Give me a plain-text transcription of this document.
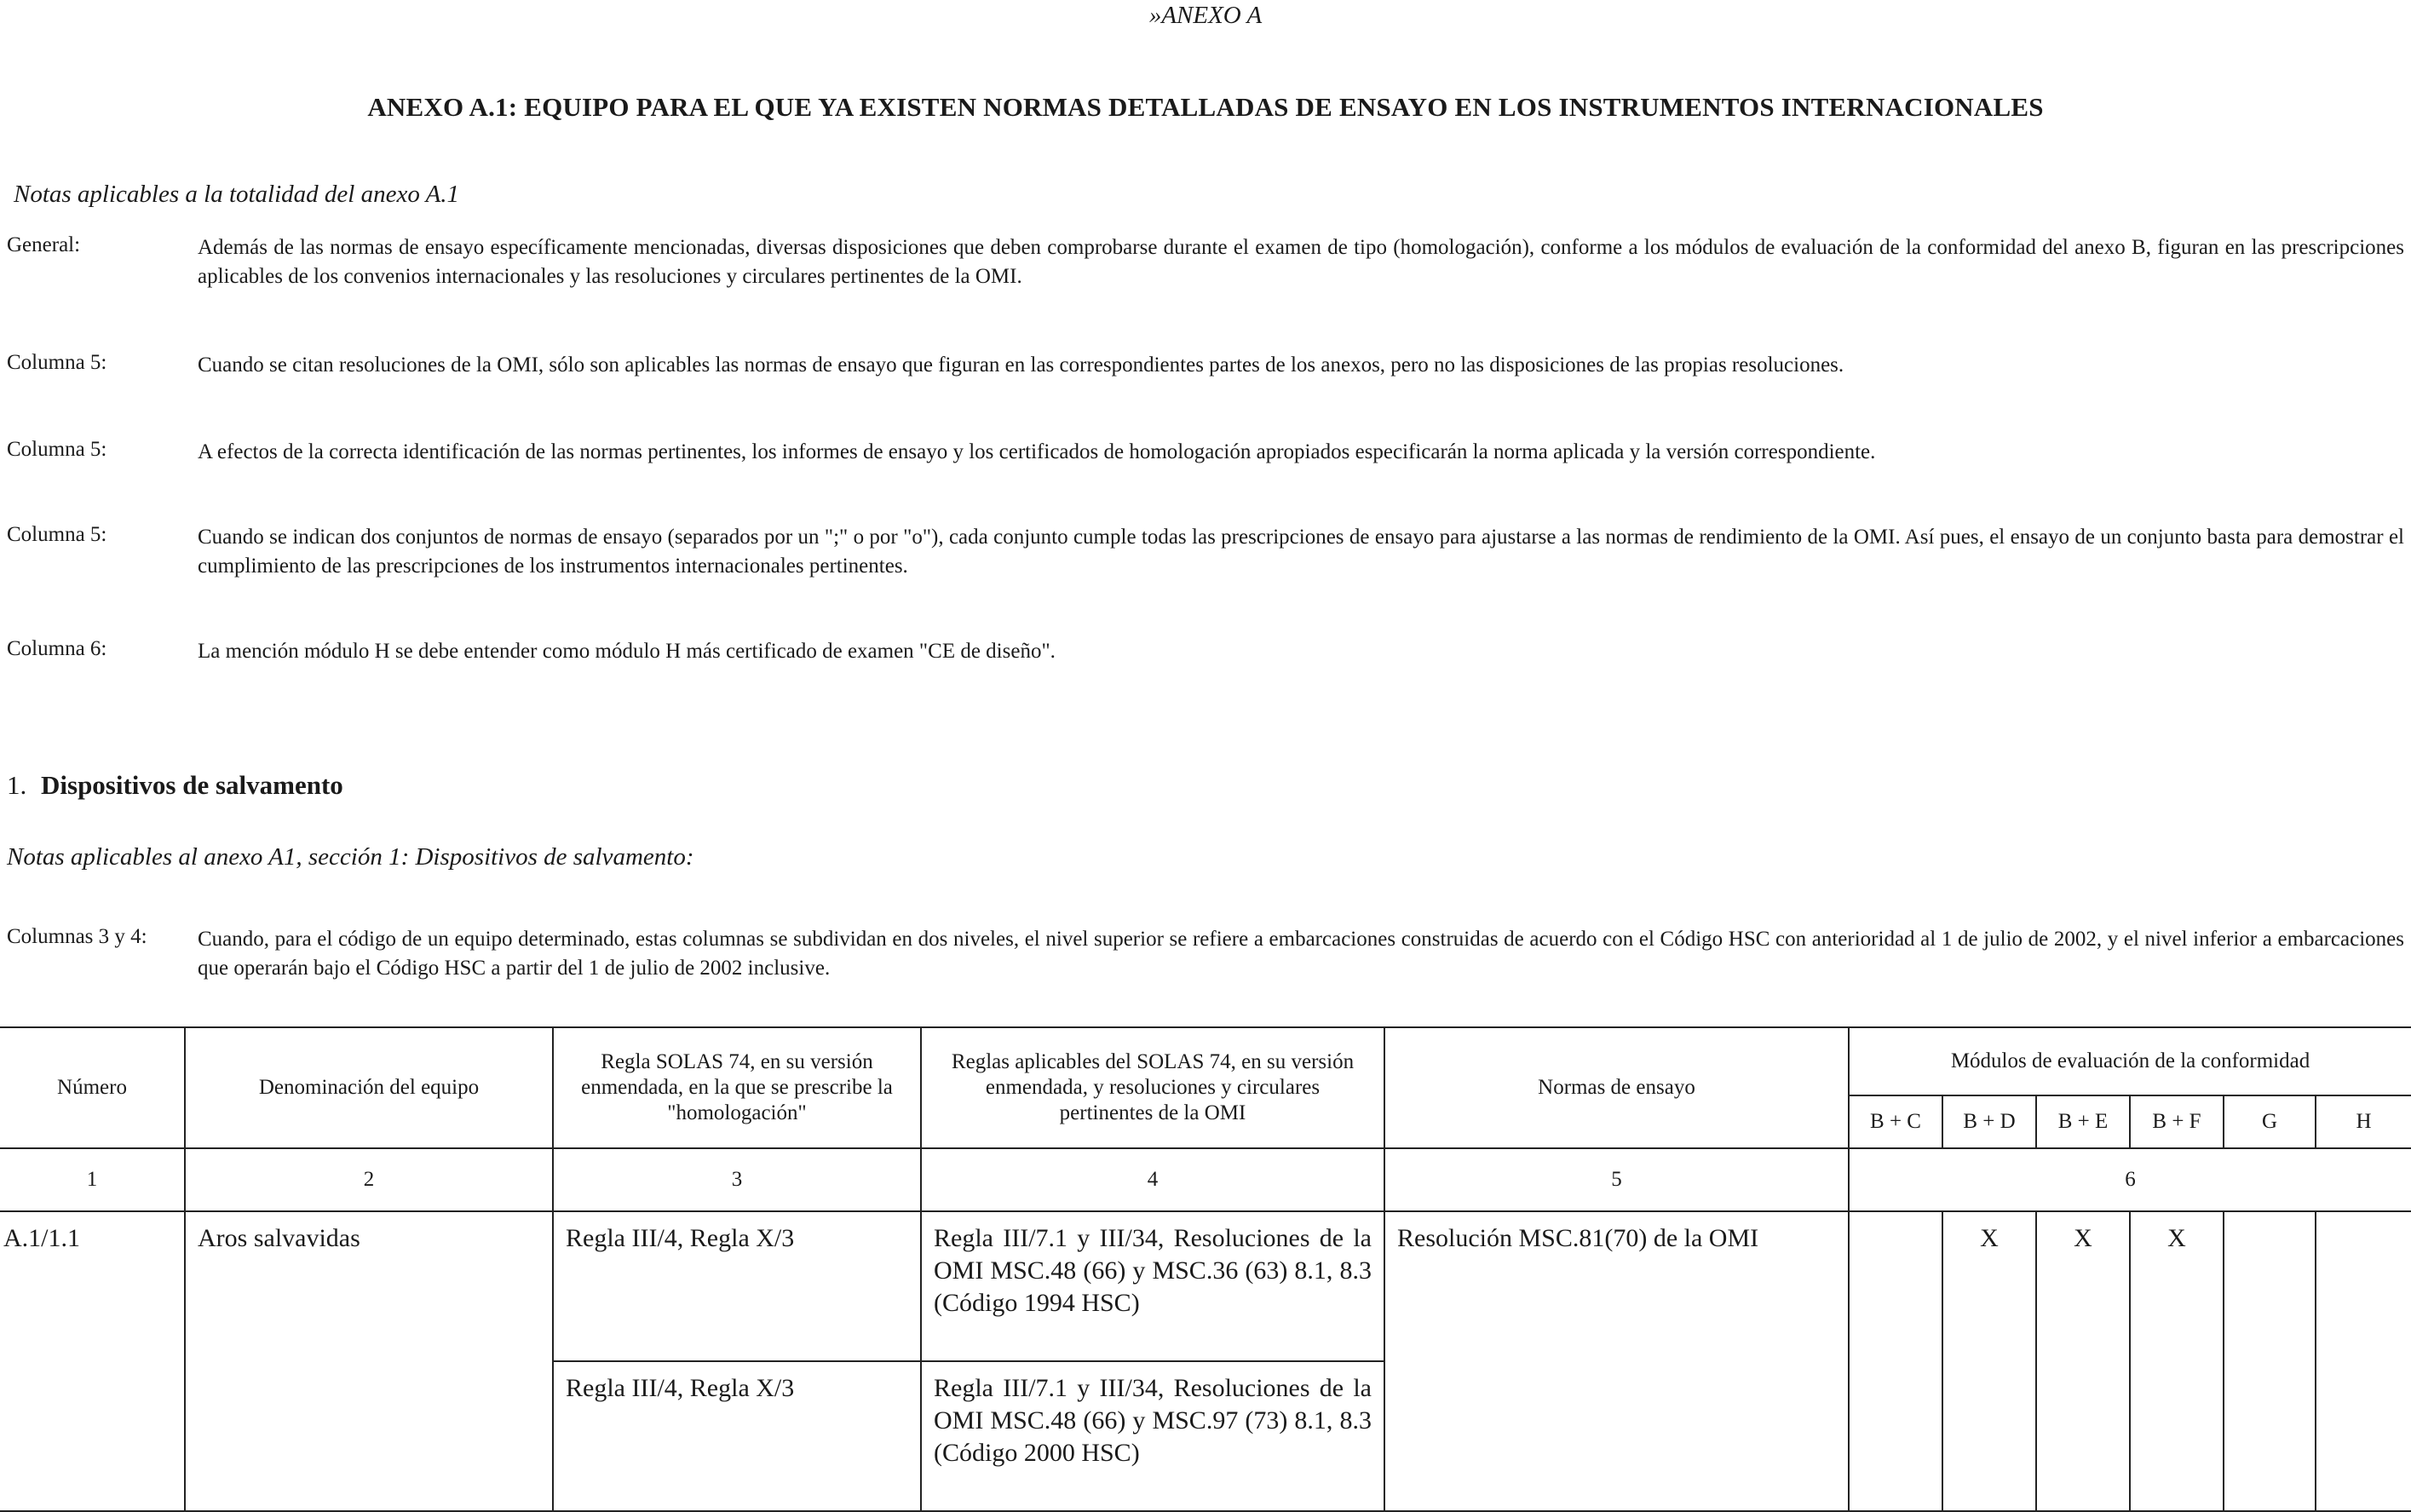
»ANEXO A
ANEXO A.1: EQUIPO PARA EL QUE YA EXISTEN NORMAS DETALLADAS DE ENSAYO EN LOS INSTRUMENTOS INTERNACIONALES
Notas aplicables a la totalidad del anexo A.1
General:	Además de las normas de ensayo específicamente mencionadas, diversas disposiciones que deben comprobarse durante el examen de tipo (homologación), conforme a los módulos de evaluación de la conformidad del anexo B, figuran en las prescripciones aplicables de los convenios internacionales y las resoluciones y circulares pertinentes de la OMI.
Columna 5:	Cuando se citan resoluciones de la OMI, sólo son aplicables las normas de ensayo que figuran en las correspondientes partes de los anexos, pero no las disposiciones de las propias resoluciones.
Columna 5:	A efectos de la correcta identificación de las normas pertinentes, los informes de ensayo y los certificados de homologación apropiados especificarán la norma aplicada y la versión correspondiente.
Columna 5:	Cuando se indican dos conjuntos de normas de ensayo (separados por un ";" o por "o"), cada conjunto cumple todas las prescripciones de ensayo para ajustarse a las normas de rendimiento de la OMI. Así pues, el ensayo de un conjunto basta para demostrar el cumplimiento de las prescripciones de los instrumentos internacionales pertinentes.
Columna 6:	La mención módulo H se debe entender como módulo H más certificado de examen "CE de diseño".
1. Dispositivos de salvamento
Notas aplicables al anexo A1, sección 1: Dispositivos de salvamento:
Columnas 3 y 4:	Cuando, para el código de un equipo determinado, estas columnas se subdividan en dos niveles, el nivel superior se refiere a embarcaciones construidas de acuerdo con el Código HSC con anterioridad al 1 de julio de 2002, y el nivel inferior a embarcaciones que operarán bajo el Código HSC a partir del 1 de julio de 2002 inclusive.
Número	Denominación del equipo	Regla SOLAS 74, en su versión enmendada, en la que se prescribe la "homologación"	Reglas aplicables del SOLAS 74, en su versión enmendada, y resoluciones y circulares pertinentes de la OMI	Normas de ensayo	Módulos de evaluación de la conformidad					
					B + C	B + D	B + E	B + F	G	H
1	2	3	4	5	6					
A.1/1.1	Aros salvavidas	Regla III/4, Regla X/3	Regla III/7.1 y III/34, Resoluciones de la OMI MSC.48 (66) y MSC.36 (63) 8.1, 8.3 (Código 1994 HSC)	Resolución MSC.81(70) de la OMI		X	X	X		
		Regla III/4, Regla X/3	Regla III/7.1 y III/34, Resoluciones de la OMI MSC.48 (66) y MSC.97 (73) 8.1, 8.3 (Código 2000 HSC)							
